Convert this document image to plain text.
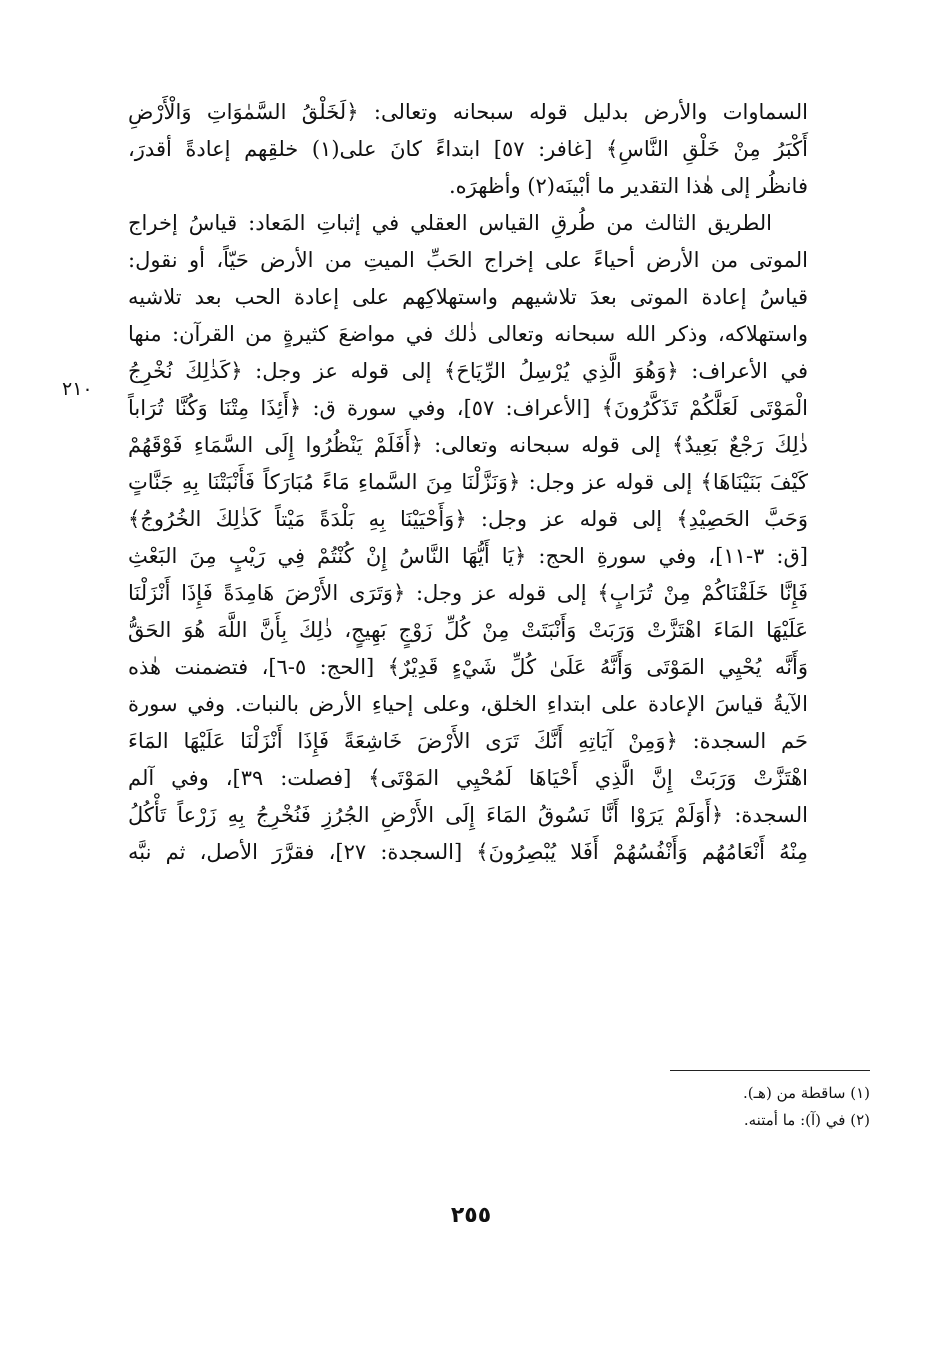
السماوات والأرض بدليل قوله سبحانه وتعالى: ﴿لَخَلْقُ السَّمٰوَاتِ وَالْأَرْضِ
أَكْبَرُ مِنْ خَلْقِ النَّاسِ﴾ [غافر: ٥٧] ابتداءً كانَ على(١) خلقِهم إعادةً أقدرَ،
فانظُر إلى هٰذا التقدير ما أبْينَه(٢) وأظهرَه.
الطريق الثالث من طُرقِ القياس العقلي في إثباتِ المَعاد: قياسُ إخراج
الموتى من الأرض أحياءً على إخراج الحَبِّ الميتِ من الأرض حَيّاً، أو نقول:
قياسُ إعادة الموتى بعدَ تلاشيهم واستهلاكِهم على إعادة الحب بعد تلاشيه
واستهلاكه، وذكر الله سبحانه وتعالى ذٰلك في مواضعَ كثيرةٍ من القرآن: منها
في الأعراف: ﴿وَهُوَ الَّذِي يُرْسِلُ الرِّيَاحَ﴾ إلى قوله عز وجل: ﴿كَذٰلِكَ نُخْرِجُ
الْمَوْتَى لَعَلَّكُمْ تَذَكَّرُونَ﴾ [الأعراف: ٥٧]، وفي سورة ق: ﴿أَئِذَا مِتْنَا وَكُنَّا تُرَاباً
ذٰلِكَ رَجْعٌ بَعِيدٌ﴾ إلى قوله سبحانه وتعالى: ﴿أَفَلَمْ يَنْظُرُوا إِلَى السَّمَاءِ فَوْقَهُمْ
كَيْفَ بَنَيْنَاهَا﴾ إلى قوله عز وجل: ﴿وَنَزَّلْنَا مِنَ السَّماءِ مَاءً مُبَارَكاً فَأَنْبَتْنَا بِهِ جَنَّاتٍ
وَحَبَّ الحَصِيْدِ﴾ إلى قوله عز وجل: ﴿وَأَحْيَيْنَا بِهِ بَلْدَةً مَيْتاً كَذٰلِكَ الخُرُوجُ﴾
[ق: ٣-١١]، وفي سورةِ الحج: ﴿يَا أَيُّهَا النَّاسُ إِنْ كُنْتُمْ فِي رَيْبٍ مِنَ البَعْثِ
فَإِنَّا خَلَقْنَاكُمْ مِنْ تُرَابٍ﴾ إلى قوله عز وجل: ﴿وَتَرَى الأَرْضَ هَامِدَةً فَإِذَا أَنْزَلْنَا
عَلَيْهَا المَاءَ اهْتَزَّتْ وَرَبَتْ وَأَنْبَتَتْ مِنْ كُلِّ زَوْجٍ بَهِيجٍ، ذٰلِكَ بِأَنَّ اللَّهَ هُوَ الحَقُّ
وَأَنَّه يُحْيِي المَوْتَى وَأَنَّهُ عَلَىٰ كُلِّ شَيْءٍ قَدِيْرٌ﴾ [الحج: ٥-٦]، فتضمنت هٰذه
الآيةُ قياسَ الإعادة على ابتداءِ الخلق، وعلى إحياءِ الأرض بالنبات. وفي سورة
حَم السجدة: ﴿وَمِنْ آيَاتِهِ أَنَّكَ تَرَى الأَرْضَ خَاشِعَةً فَإِذَا أَنْزَلْنَا عَلَيْهَا المَاءَ
اهْتَزَّتْ وَرَبَتْ إِنَّ الَّذِي أَحْيَاهَا لَمُحْيِي المَوْتَى﴾ [فصلت: ٣٩]، وفي آلم
السجدة: ﴿أَوَلَمْ يَرَوْا أَنَّا نَسُوقُ المَاءَ إِلَى الأَرْضِ الجُرُزِ فَنُخْرِجُ بِهِ زَرْعاً تَأْكُلُ
مِنْهُ أَنْعَامُهُم وَأَنْفُسُهُمْ أَفَلا يُبْصِرُونَ﴾ [السجدة: ٢٧]، فقرَّرَ الأصل، ثم نبَّه
٢١٠
(١) ساقطة من (هـ).
(٢) في (آ): ما أمتنه.
٢٥٥
